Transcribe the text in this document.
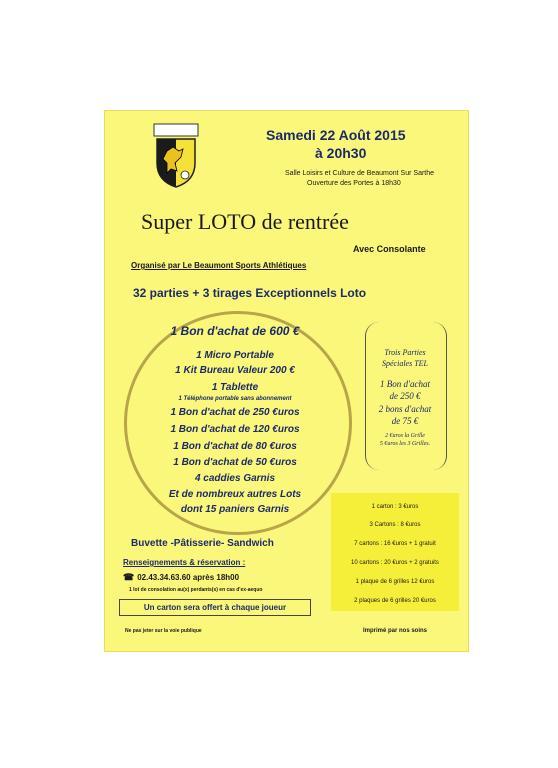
Samedi 22 Août 2015
à 20h30
Salle Loisirs et Culture de Beaumont Sur Sarthe
Ouverture des Portes à 18h30
Super LOTO de rentrée
Avec Consolante
Organisé par Le Beaumont Sports Athlétiques
32 parties + 3 tirages Exceptionnels Loto
1 Bon d'achat de 600 €
1 Micro Portable
1 Kit Bureau Valeur 200 €
1 Tablette
1 Téléphone portable sans abonnement
1 Bon d'achat de 250 €uros
1 Bon d'achat de 120 €uros
1 Bon d'achat de 80 €uros
1 Bon d'achat de 50 €uros
4 caddies Garnis
Et de nombreux autres Lots
dont 15 paniers Garnis
Trois Parties
Spéciales TEL
1 Bon d'achat
de 250 €
2 bons d'achat
de 75 €
2 €uros la Grille
5 €uros les 3 Grilles.
1 carton : 3 €uros
3 Cartons : 8 €uros
7 cartons : 16 €uros + 1 gratuit
10 cartons : 20 €uros + 2 gratuits
1 plaque de 6 grilles 12 €uros
2 plaques de 6 grilles 20 €uros
Buvette -Pâtisserie- Sandwich
Renseignements & réservation :
☎ 02.43.34.63.60 après 18h00
1 lot de consolation au(x) perdants(s) en cas d'ex-aequo
Un carton sera offert à chaque joueur
Ne pas jeter sur la voie publique	Imprimé par nos soins
